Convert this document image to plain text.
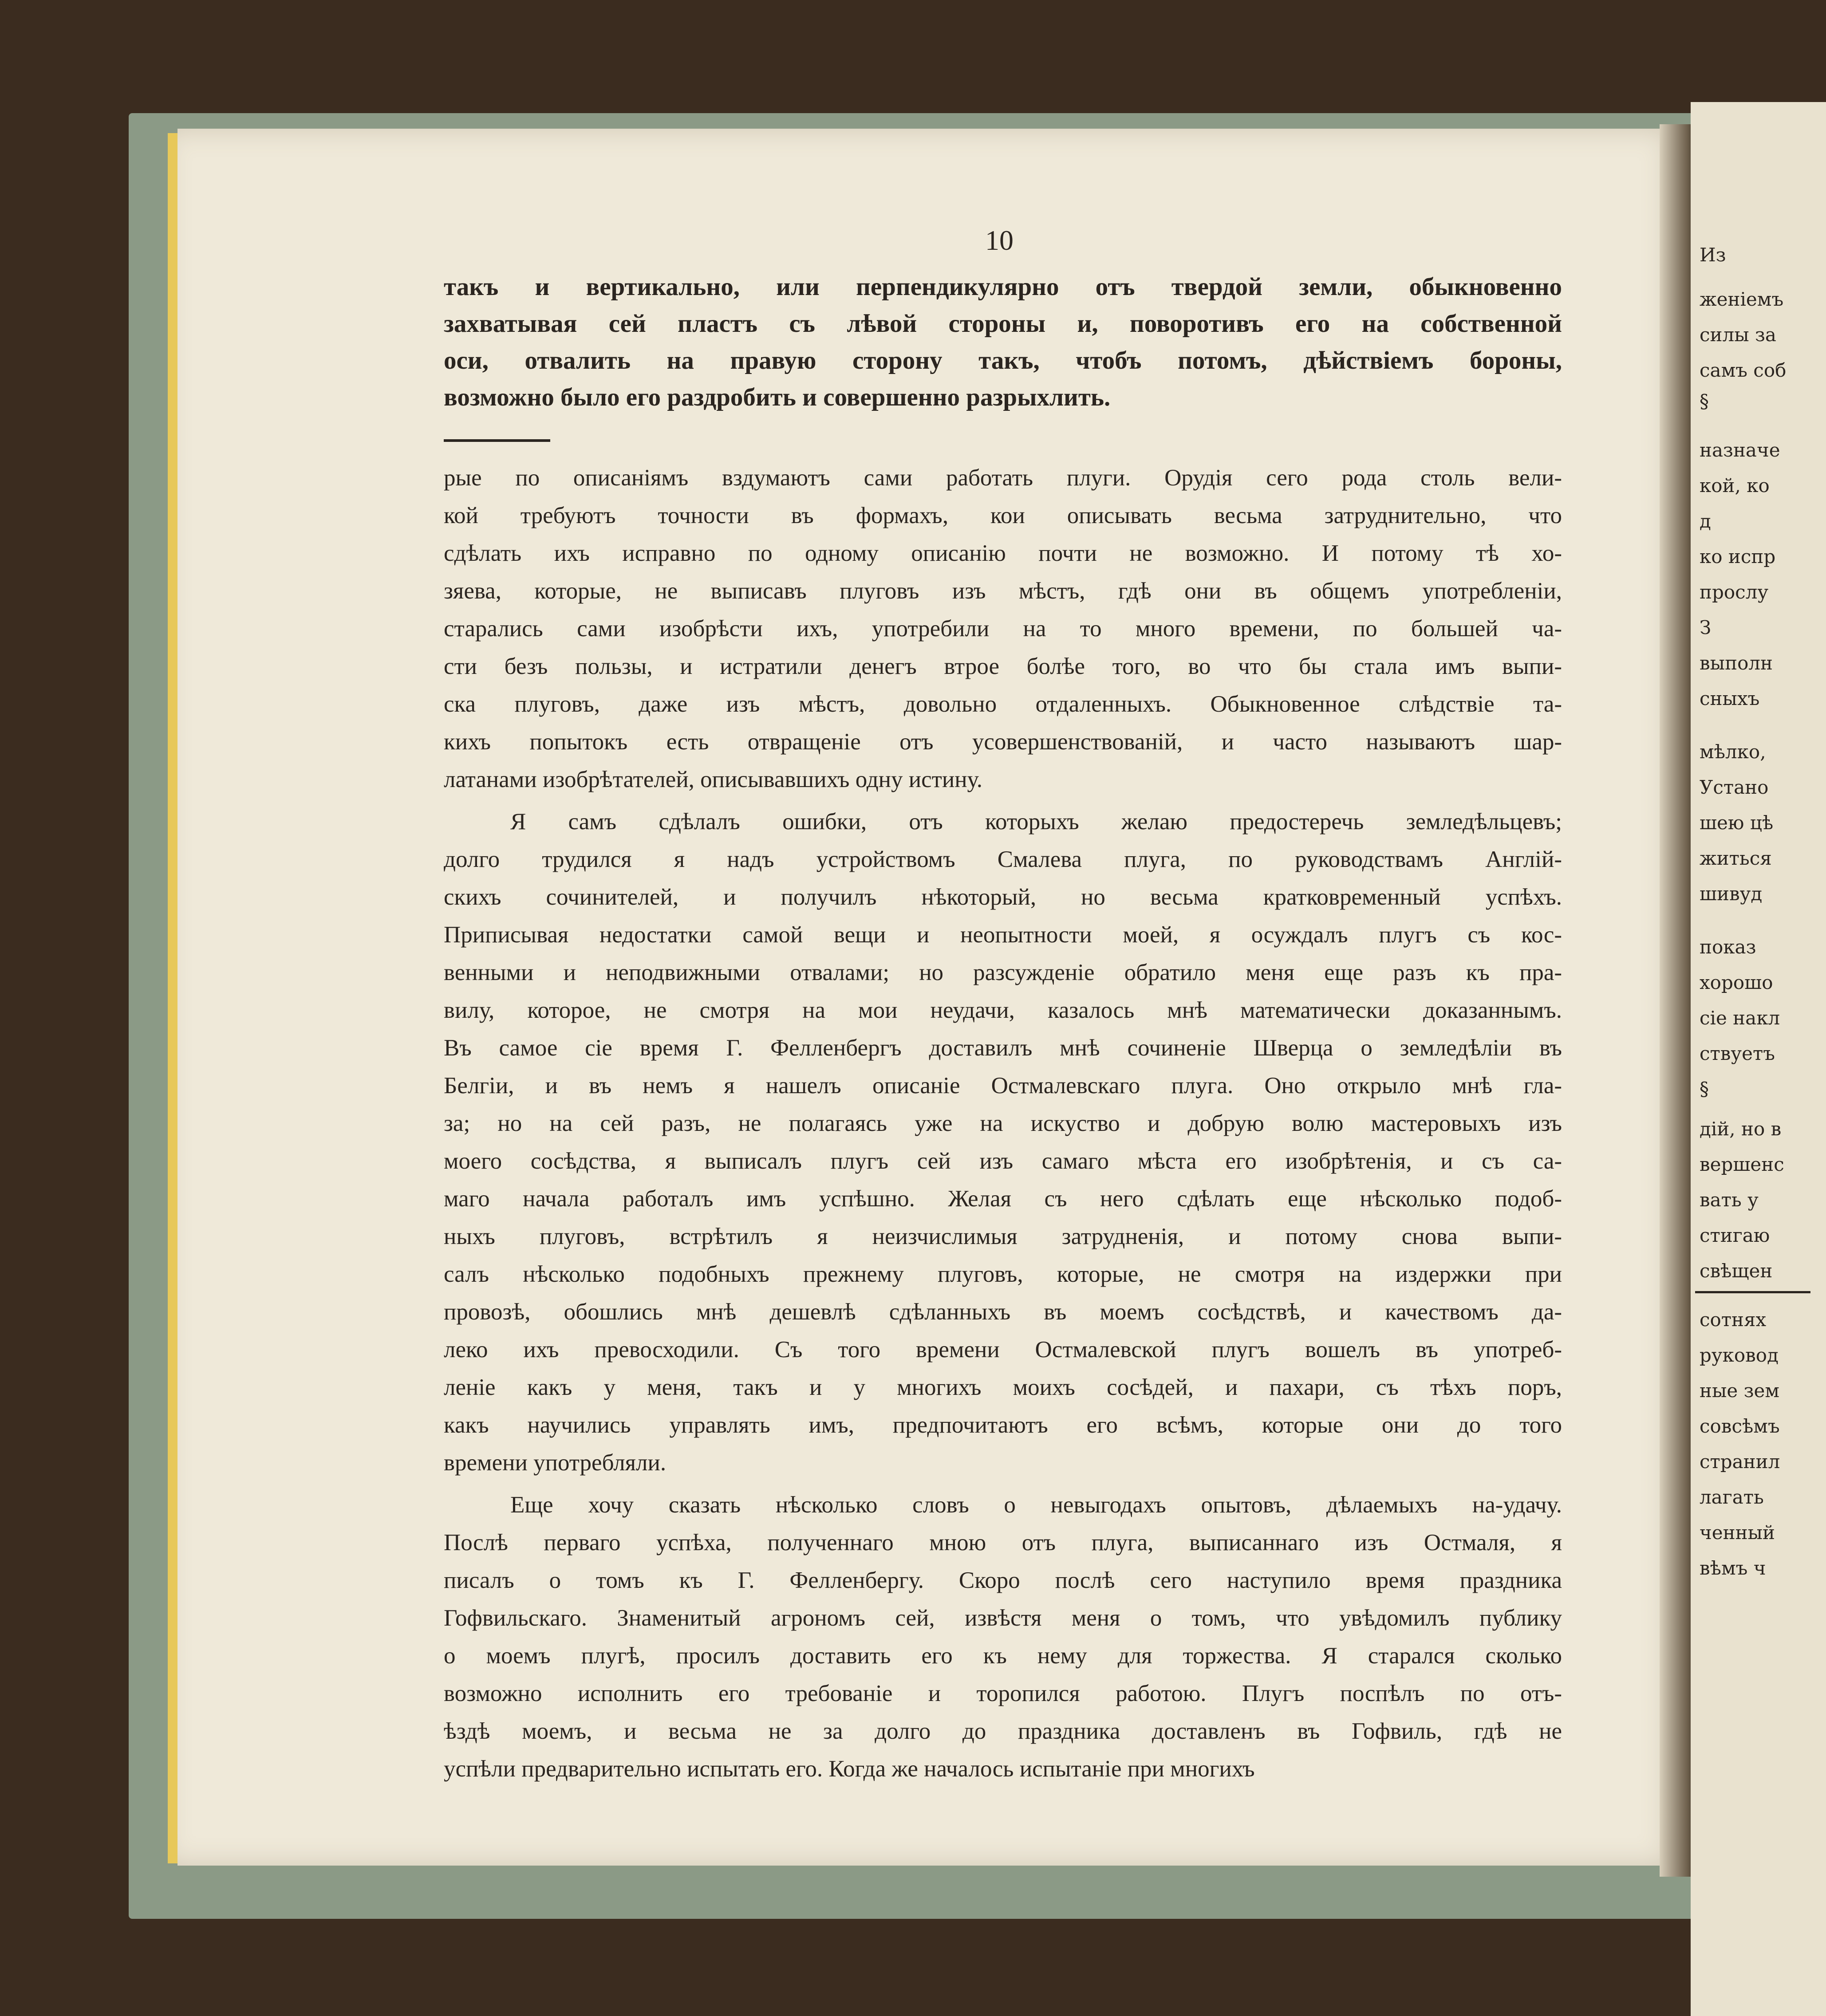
Из
женіемъ
силы за
самъ соб
§
назначе
кой, ко
д
ко испр
прослу
З
выполн
сныхъ
мѣлко,
Устано
шею цѣ
житься
шивуд
показ
хорошо
сіе накл
ствуетъ
§
дій, но в
вершенс
вать у
стигаю
свѣщен
сотнях
руковод
ные зем
совсѣмъ
странил
лагать
ченный
вѣмъ ч
10
такъ и вертикально, или перпендикулярно отъ твердой земли, обыкновенно
захватывая сей пластъ съ лѣвой стороны и, поворотивъ его на собственной
оси, отвалить на правую сторону такъ, чтобъ потомъ, дѣйствіемъ бороны,
возможно было его раздробить и совершенно разрыхлить.
рые по описаніямъ вздумаютъ сами работать плуги. Орудія сего рода столь вели-
кой требуютъ точности въ формахъ, кои описывать весьма затруднительно, что
сдѣлать ихъ исправно по одному описанію почти не возможно. И потому тѣ хо-
зяева, которые, не выписавъ плуговъ изъ мѣстъ, гдѣ они въ общемъ употребленіи,
старались сами изобрѣсти ихъ, употребили на то много времени, по большей ча-
сти безъ пользы, и истратили денегъ втрое болѣе того, во что бы стала имъ выпи-
ска плуговъ, даже изъ мѣстъ, довольно отдаленныхъ. Обыкновенное слѣдствіе та-
кихъ попытокъ есть отвращеніе отъ усовершенствованій, и часто называютъ шар-
латанами изобрѣтателей, описывавшихъ одну истину.
Я самъ сдѣлалъ ошибки, отъ которыхъ желаю предостеречь земледѣльцевъ;
долго трудился я надъ устройствомъ Смалева плуга, по руководствамъ Англій-
скихъ сочинителей, и получилъ нѣкоторый, но весьма кратковременный успѣхъ.
Приписывая недостатки самой вещи и неопытности моей, я осуждалъ плугъ съ кос-
венными и неподвижными отвалами; но разсужденіе обратило меня еще разъ къ пра-
вилу, которое, не смотря на мои неудачи, казалось мнѣ математически доказаннымъ.
Въ самое сіе время Г. Фелленбергъ доставилъ мнѣ сочиненіе Шверца о земледѣліи въ
Белгіи, и въ немъ я нашелъ описаніе Остмалевскаго плуга. Оно открыло мнѣ гла-
за; но на сей разъ, не полагаясь уже на искуство и добрую волю мастеровыхъ изъ
моего сосѣдства, я выписалъ плугъ сей изъ самаго мѣста его изобрѣтенія, и съ са-
маго начала работалъ имъ успѣшно. Желая съ него сдѣлать еще нѣсколько подоб-
ныхъ плуговъ, встрѣтилъ я неизчислимыя затрудненія, и потому снова выпи-
салъ нѣсколько подобныхъ прежнему плуговъ, которые, не смотря на издержки при
провозѣ, обошлись мнѣ дешевлѣ сдѣланныхъ въ моемъ сосѣдствѣ, и качествомъ да-
леко ихъ превосходили. Съ того времени Остмалевской плугъ вошелъ въ употреб-
леніе какъ у меня, такъ и у многихъ моихъ сосѣдей, и пахари, съ тѣхъ поръ,
какъ научились управлять имъ, предпочитаютъ его всѣмъ, которые они до того
времени употребляли.
Еще хочу сказать нѣсколько словъ о невыгодахъ опытовъ, дѣлаемыхъ на-удачу.
Послѣ перваго успѣха, полученнаго мною отъ плуга, выписаннаго изъ Остмаля, я
писалъ о томъ къ Г. Фелленбергу. Скоро послѣ сего наступило время праздника
Гофвильскаго. Знаменитый агрономъ сей, извѣстя меня о томъ, что увѣдомилъ публику
о моемъ плугѣ, просилъ доставить его къ нему для торжества. Я старался сколько
возможно исполнить его требованіе и торопился работою. Плугъ поспѣлъ по отъ-
ѣздѣ моемъ, и весьма не за долго до праздника доставленъ въ Гофвиль, гдѣ не
успѣли предварительно испытать его. Когда же началось испытаніе при многихъ
